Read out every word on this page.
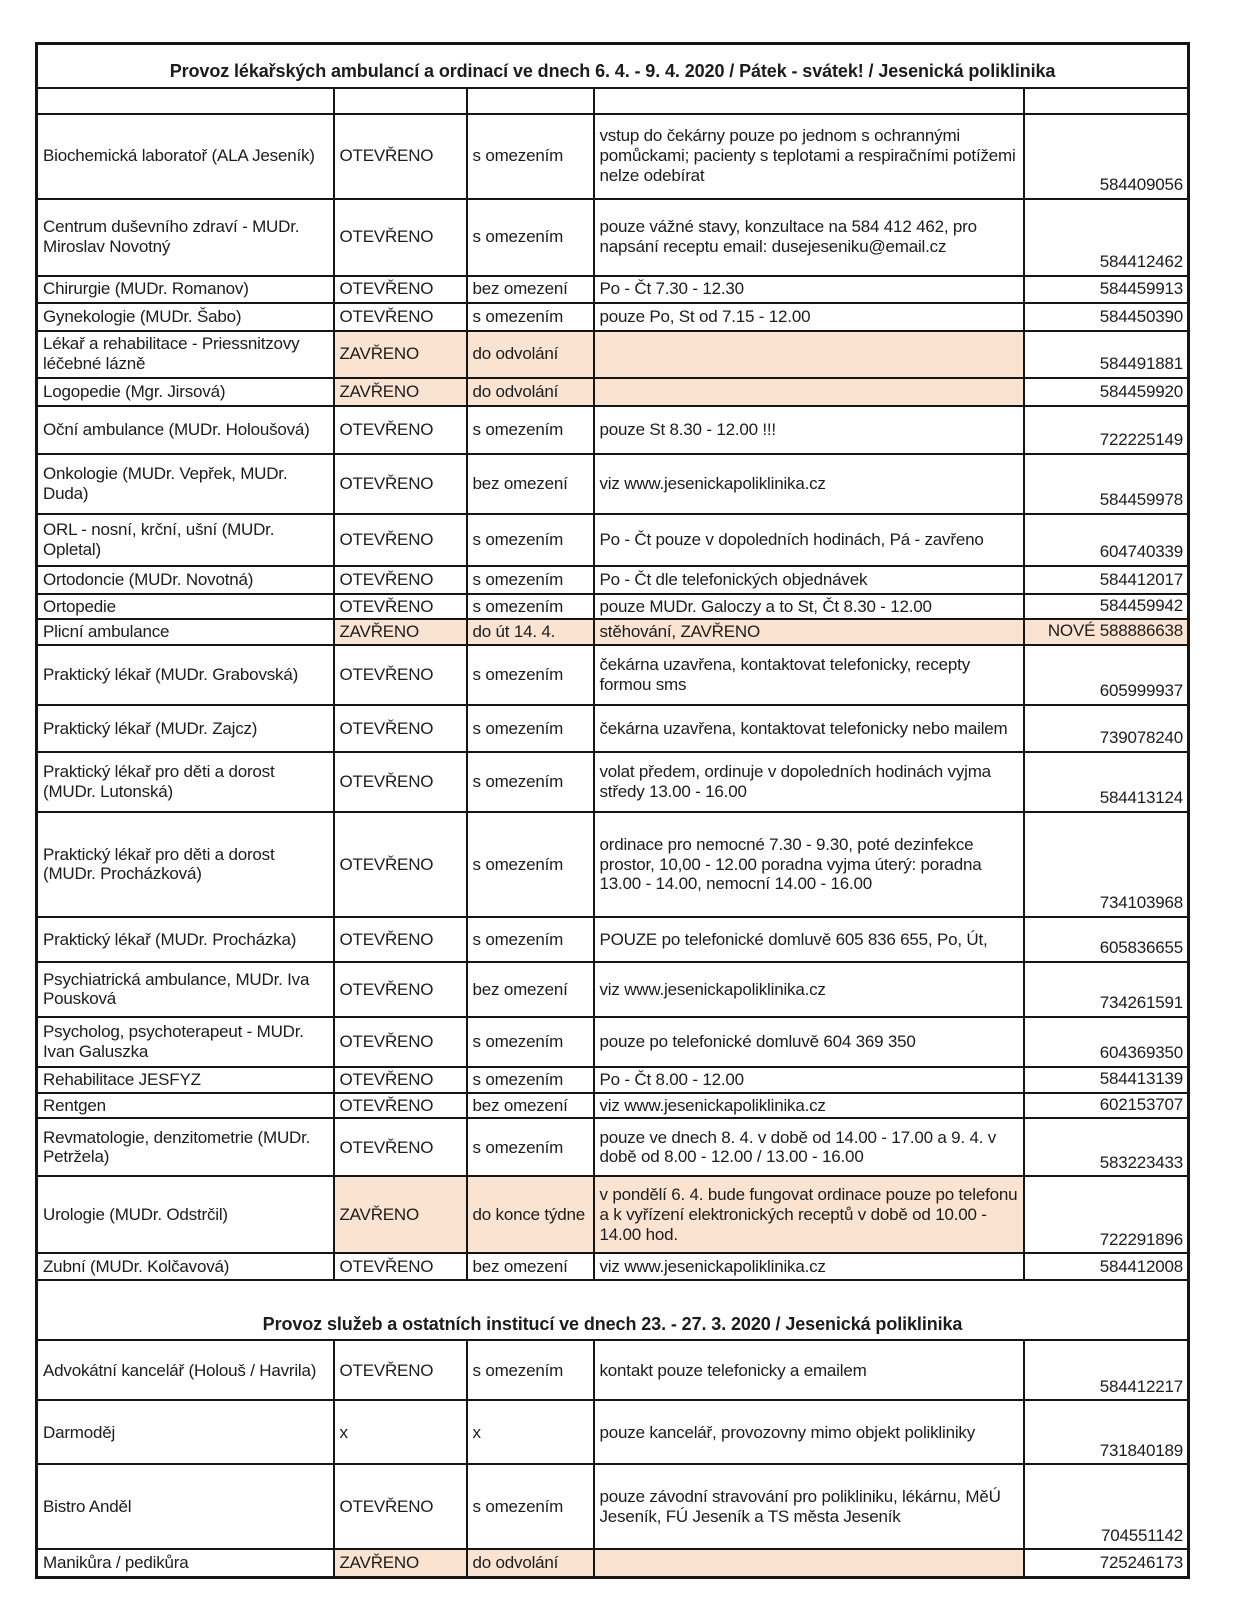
Provoz lékařských ambulancí a ordinací ve dnech 6. 4. - 9. 4. 2020 / Pátek - svátek! / Jesenická poliklinika				

Biochemická laboratoř (ALA Jeseník)	OTEVŘENO	s omezením	vstup do čekárny pouze po jednom s ochrannými pomůckami; pacienty s teplotami a respiračními potížemi nelze odebírat	584409056
Centrum duševního zdraví - MUDr. Miroslav Novotný	OTEVŘENO	s omezením	pouze vážné stavy, konzultace na 584 412 462, pro napsání receptu email: dusejeseniku@email.cz	584412462
Chirurgie (MUDr. Romanov)	OTEVŘENO	bez omezení	Po - Čt 7.30 - 12.30	584459913
Gynekologie (MUDr. Šabo)	OTEVŘENO	s omezením	pouze Po, St od 7.15 - 12.00	584450390
Lékař a rehabilitace - Priessnitzovy léčebné lázně	ZAVŘENO	do odvolání		584491881
Logopedie (Mgr. Jirsová)	ZAVŘENO	do odvolání		584459920
Oční ambulance (MUDr. Holoušová)	OTEVŘENO	s omezením	pouze St 8.30 - 12.00 !!!	722225149
Onkologie (MUDr. Vepřek, MUDr. Duda)	OTEVŘENO	bez omezení	viz www.jesenickapoliklinika.cz	584459978
ORL - nosní, krční, ušní (MUDr. Opletal)	OTEVŘENO	s omezením	Po - Čt pouze v dopoledních hodinách, Pá - zavřeno	604740339
Ortodoncie (MUDr. Novotná)	OTEVŘENO	s omezením	Po - Čt dle telefonických objednávek	584412017
Ortopedie	OTEVŘENO	s omezením	pouze MUDr. Galoczy a to St, Čt 8.30 - 12.00	584459942
Plicní ambulance	ZAVŘENO	do út 14. 4.	stěhování, ZAVŘENO	NOVÉ 588886638
Praktický lékař (MUDr. Grabovská)	OTEVŘENO	s omezením	čekárna uzavřena, kontaktovat telefonicky, recepty formou sms	605999937
Praktický lékař (MUDr. Zajcz)	OTEVŘENO	s omezením	čekárna uzavřena, kontaktovat telefonicky nebo mailem	739078240
Praktický lékař pro děti a dorost (MUDr. Lutonská)	OTEVŘENO	s omezením	volat předem, ordinuje v dopoledních hodinách vyjma středy 13.00 - 16.00	584413124
Praktický lékař pro děti a dorost (MUDr. Procházková)	OTEVŘENO	s omezením	ordinace pro nemocné 7.30 - 9.30, poté dezinfekce prostor, 10,00 - 12.00 poradna vyjma úterý: poradna 13.00 - 14.00, nemocní 14.00 - 16.00	734103968
Praktický lékař (MUDr. Procházka)	OTEVŘENO	s omezením	POUZE po telefonické domluvě 605 836 655, Po, Út,	605836655
Psychiatrická ambulance, MUDr. Iva Pousková	OTEVŘENO	bez omezení	viz www.jesenickapoliklinika.cz	734261591
Psycholog, psychoterapeut - MUDr. Ivan Galuszka	OTEVŘENO	s omezením	pouze po telefonické domluvě 604 369 350	604369350
Rehabilitace JESFYZ	OTEVŘENO	s omezením	Po - Čt 8.00 - 12.00	584413139
Rentgen	OTEVŘENO	bez omezení	viz www.jesenickapoliklinika.cz	602153707
Revmatologie, denzitometrie (MUDr. Petržela)	OTEVŘENO	s omezením	pouze ve dnech 8. 4. v době od 14.00 - 17.00 a 9. 4. v době od 8.00 - 12.00 / 13.00 - 16.00	583223433
Urologie (MUDr. Odstrčil)	ZAVŘENO	do konce týdne	v pondělí 6. 4. bude fungovat ordinace pouze po telefonu a k vyřízení elektronických receptů v době od 10.00 - 14.00 hod.	722291896
Zubní (MUDr. Kolčavová)	OTEVŘENO	bez omezení	viz www.jesenickapoliklinika.cz	584412008
Provoz služeb a ostatních institucí ve dnech 23. - 27. 3. 2020 / Jesenická poliklinika				
Advokátní kancelář (Holouš / Havrila)	OTEVŘENO	s omezením	kontakt pouze telefonicky a emailem	584412217
Darmoděj	x	x	pouze kancelář, provozovny mimo objekt polikliniky	731840189
Bistro Anděl	OTEVŘENO	s omezením	pouze závodní stravování pro polikliniku, lékárnu, MěÚ Jeseník, FÚ Jeseník a TS města Jeseník	704551142
Manikůra / pedikůra	ZAVŘENO	do odvolání		725246173
